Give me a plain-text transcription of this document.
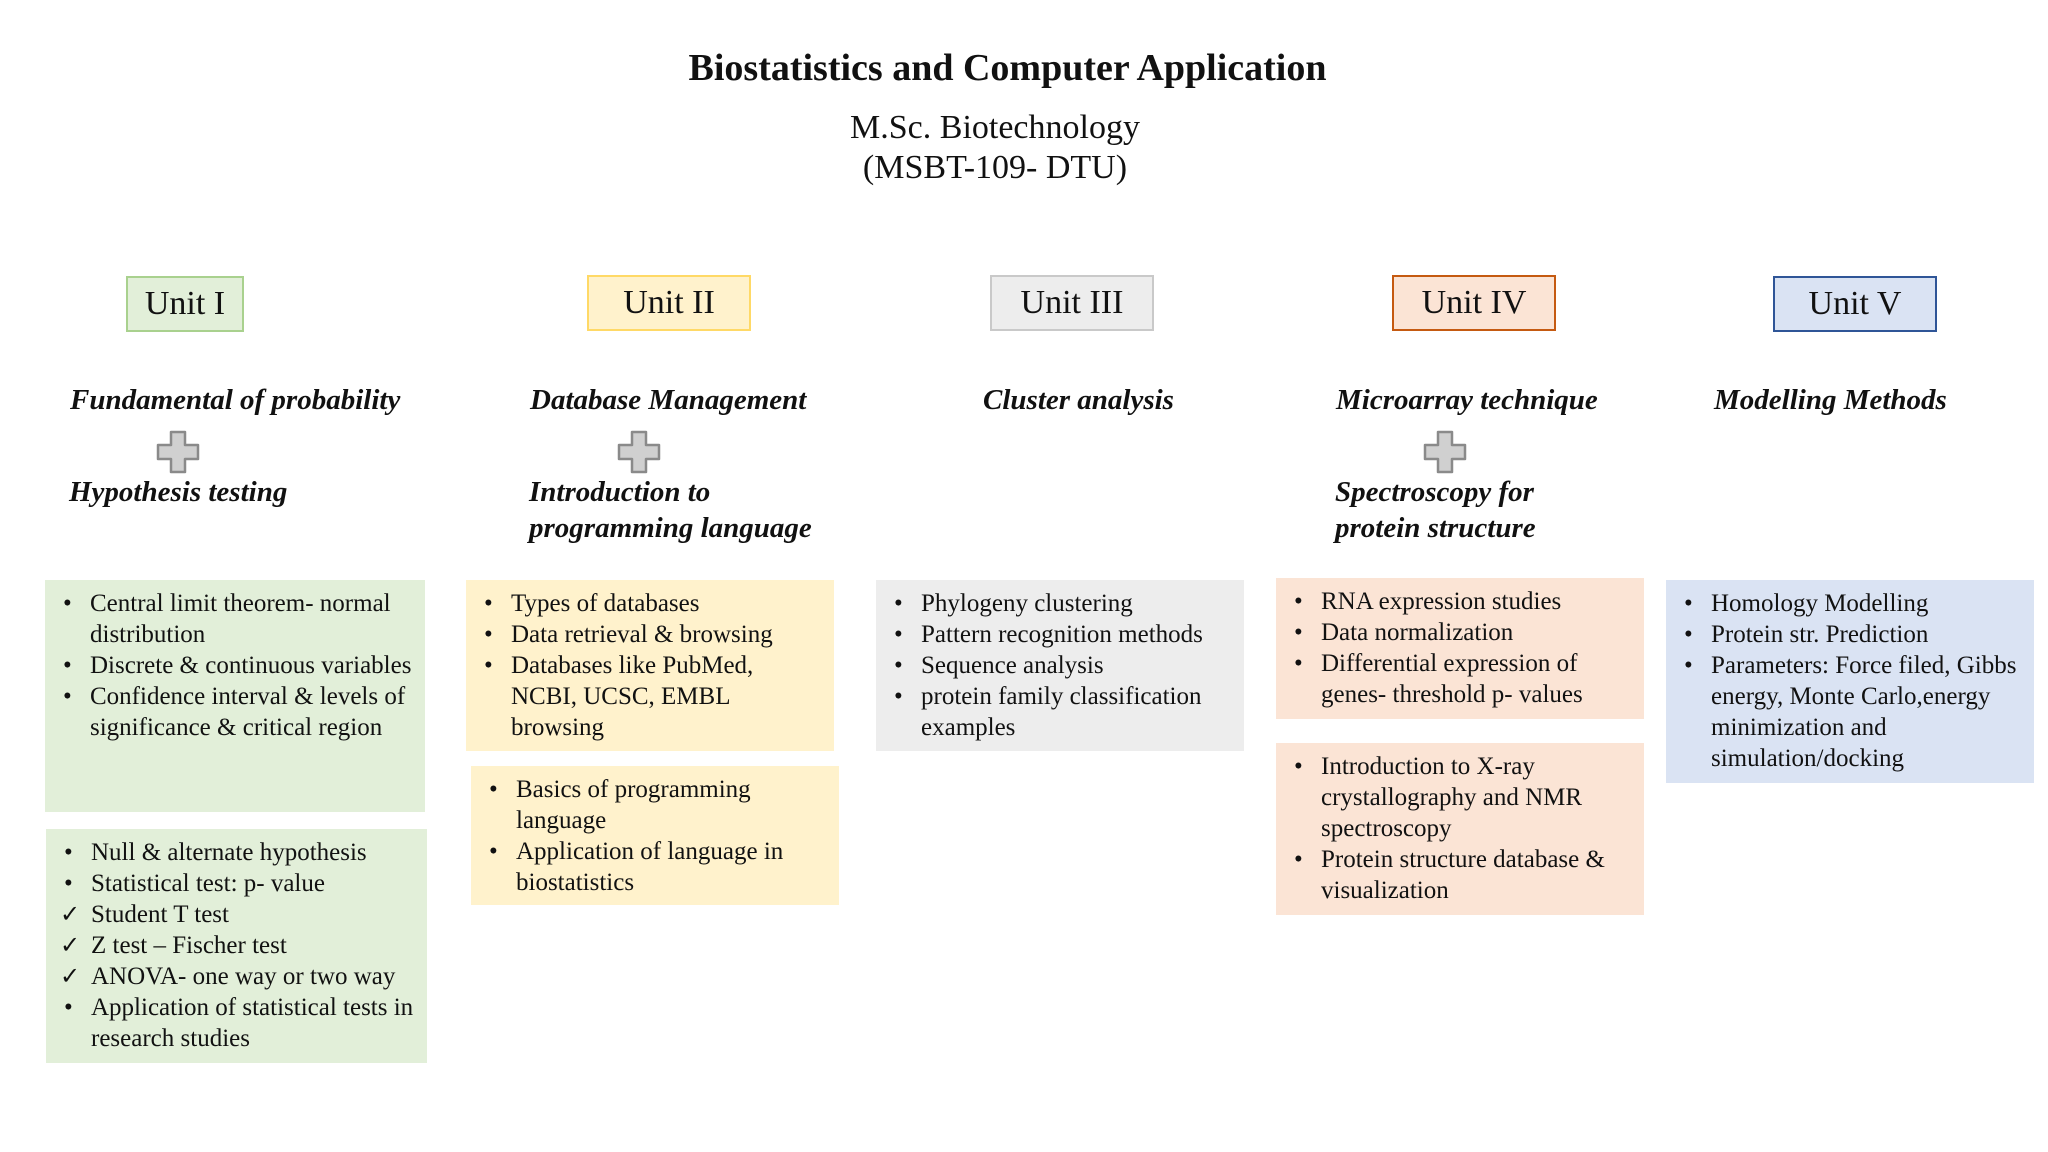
Biostatistics and Computer Application
M.Sc. Biotechnology
(MSBT-109- DTU)
Unit I
Fundamental of probability
Hypothesis testing
• Central limit theorem- normal distribution
• Discrete & continuous variables
• Confidence interval & levels of significance & critical region
• Null & alternate hypothesis
• Statistical test: p- value
✓ Student T test
✓ Z test – Fischer test
✓ ANOVA- one way or two way
• Application of statistical tests in research studies
Unit II
Database Management
Introduction to
programming language
• Types of databases
• Data retrieval & browsing
• Databases like PubMed, NCBI, UCSC, EMBL browsing
• Basics of programming language
• Application of language in biostatistics
Unit III
Cluster analysis
• Phylogeny clustering
• Pattern recognition methods
• Sequence analysis
• protein family classification examples
Unit IV
Microarray technique
Spectroscopy for
protein structure
• RNA expression studies
• Data normalization
• Differential expression of genes- threshold p- values
• Introduction to X-ray crystallography and NMR spectroscopy
• Protein structure database & visualization
Unit V
Modelling Methods
• Homology Modelling
• Protein str. Prediction
• Parameters: Force filed, Gibbs energy, Monte Carlo,energy minimization and simulation/docking
